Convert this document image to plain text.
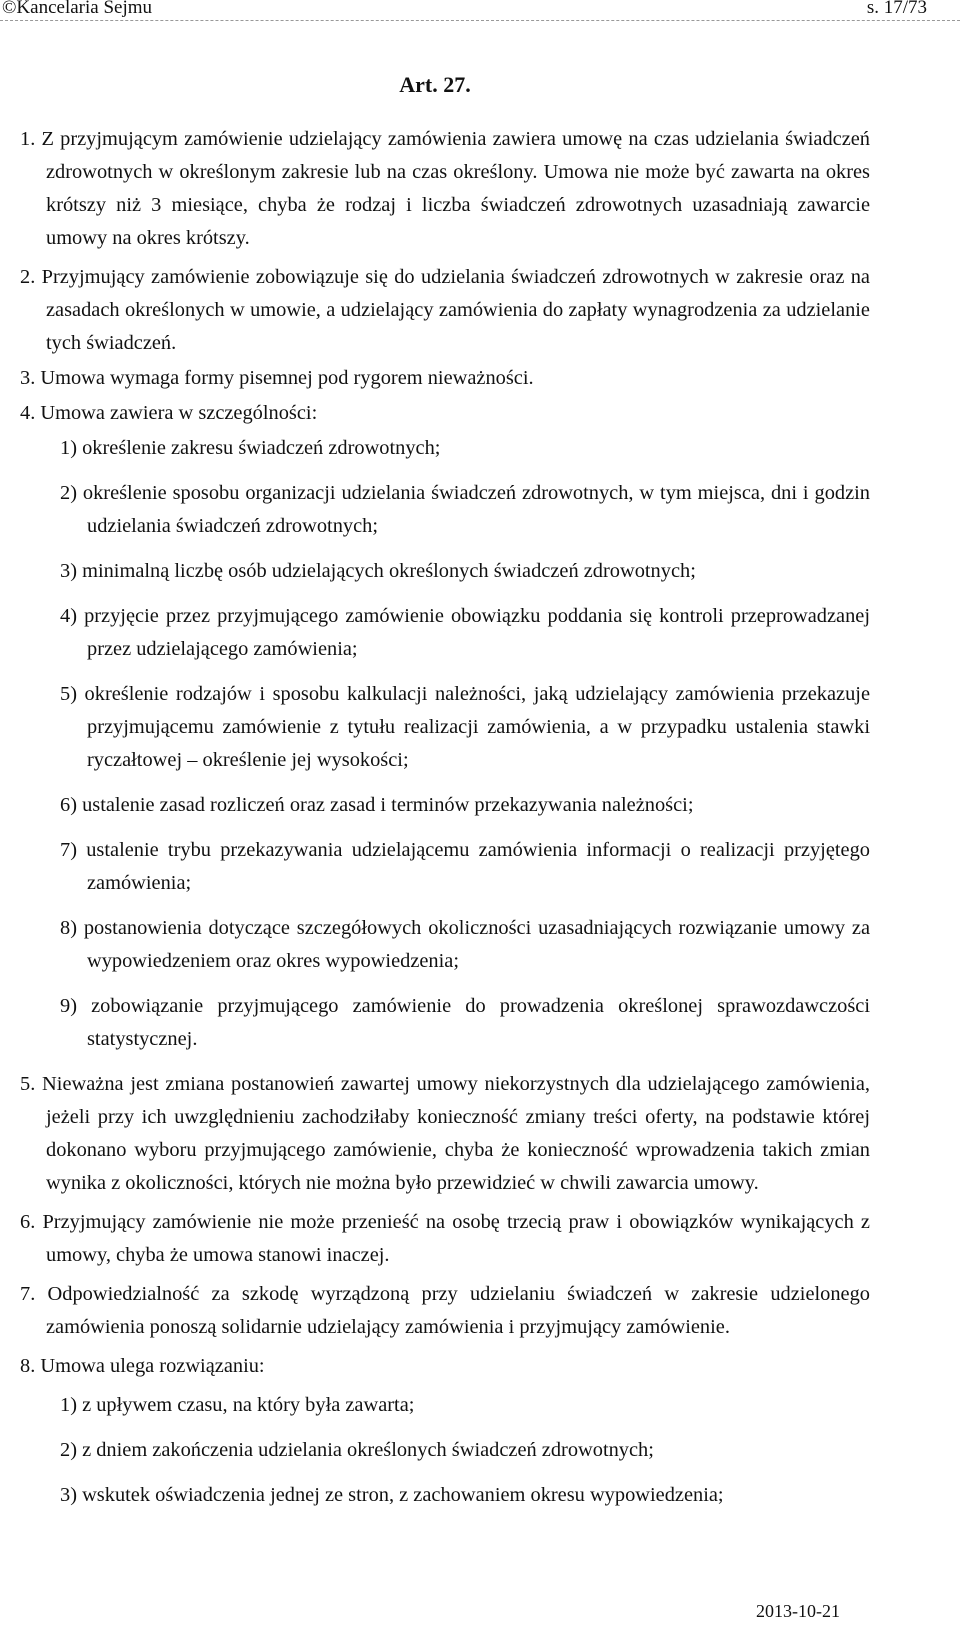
©Kancelaria Sejmu	s. 17/73
Art. 27.

1. Z przyjmującym zamówienie udzielający zamówienia zawiera umowę na czas udzielania świadczeń zdrowotnych w określonym zakresie lub na czas określony. Umowa nie może być zawarta na okres krótszy niż 3 miesiące, chyba że rodzaj i liczba świadczeń zdrowotnych uzasadniają zawarcie umowy na okres krótszy.

2. Przyjmujący zamówienie zobowiązuje się do udzielania świadczeń zdrowotnych w zakresie oraz na zasadach określonych w umowie, a udzielający zamówienia do zapłaty wynagrodzenia za udzielanie tych świadczeń.

3. Umowa wymaga formy pisemnej pod rygorem nieważności.

4. Umowa zawiera w szczególności:

1) określenie zakresu świadczeń zdrowotnych;

2) określenie sposobu organizacji udzielania świadczeń zdrowotnych, w tym miejsca, dni i godzin udzielania świadczeń zdrowotnych;

3) minimalną liczbę osób udzielających określonych świadczeń zdrowotnych;

4) przyjęcie przez przyjmującego zamówienie obowiązku poddania się kontroli przeprowadzanej przez udzielającego zamówienia;

5) określenie rodzajów i sposobu kalkulacji należności, jaką udzielający zamówienia przekazuje przyjmującemu zamówienie z tytułu realizacji zamówienia, a w przypadku ustalenia stawki ryczałtowej – określenie jej wysokości;

6) ustalenie zasad rozliczeń oraz zasad i terminów przekazywania należności;

7) ustalenie trybu przekazywania udzielającemu zamówienia informacji o realizacji przyjętego zamówienia;

8) postanowienia dotyczące szczegółowych okoliczności uzasadniających rozwiązanie umowy za wypowiedzeniem oraz okres wypowiedzenia;

9) zobowiązanie przyjmującego zamówienie do prowadzenia określonej sprawozdawczości statystycznej.

5. Nieważna jest zmiana postanowień zawartej umowy niekorzystnych dla udzielającego zamówienia, jeżeli przy ich uwzględnieniu zachodziłaby konieczność zmiany treści oferty, na podstawie której dokonano wyboru przyjmującego zamówienie, chyba że konieczność wprowadzenia takich zmian wynika z okoliczności, których nie można było przewidzieć w chwili zawarcia umowy.

6. Przyjmujący zamówienie nie może przenieść na osobę trzecią praw i obowiązków wynikających z umowy, chyba że umowa stanowi inaczej.

7. Odpowiedzialność za szkodę wyrządzoną przy udzielaniu świadczeń w zakresie udzielonego zamówienia ponoszą solidarnie udzielający zamówienia i przyjmujący zamówienie.

8. Umowa ulega rozwiązaniu:

1) z upływem czasu, na który była zawarta;

2) z dniem zakończenia udzielania określonych świadczeń zdrowotnych;

3) wskutek oświadczenia jednej ze stron, z zachowaniem okresu wypowiedzenia;

2013-10-21
